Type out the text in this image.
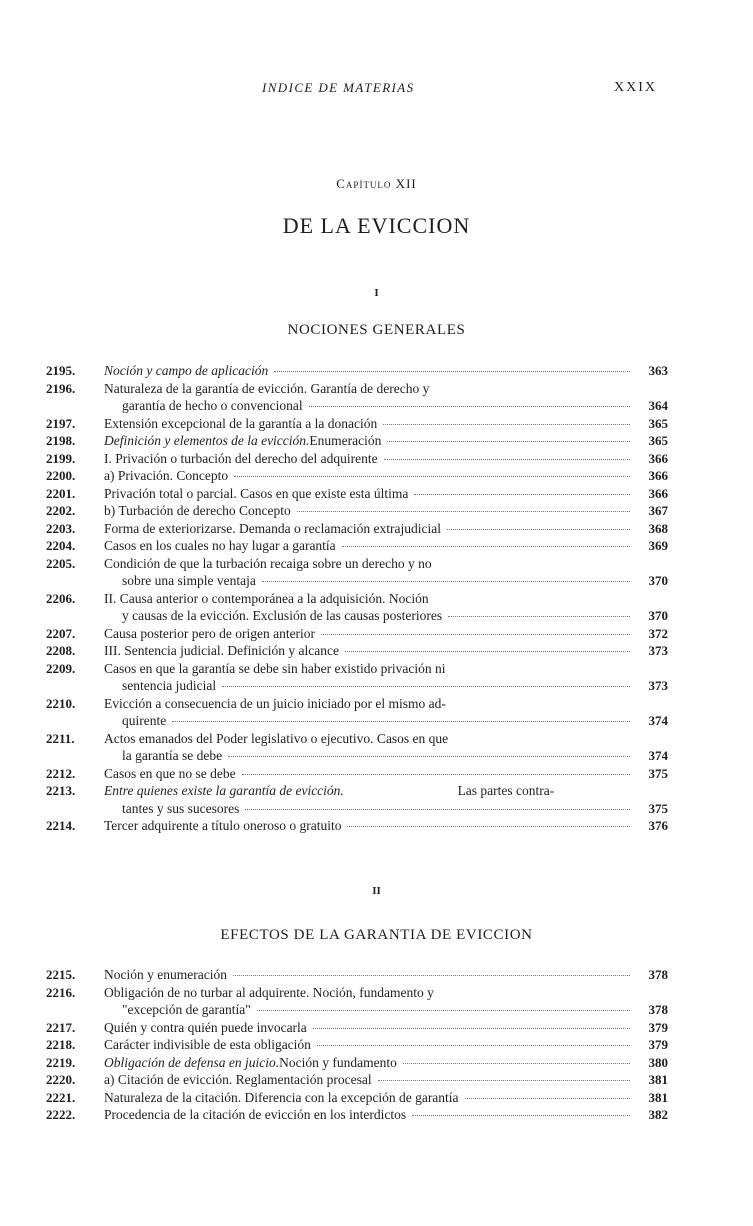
INDICE DE MATERIAS	XXIX
Capítulo XII
DE LA EVICCION
I
NOCIONES GENERALES
2195.	Noción y campo de aplicación	363
2196.	Naturaleza de la garantía de evicción. Garantía de derecho y
garantía de hecho o convencional	364
2197.	Extensión excepcional de la garantía a la donación	365
2198.	Definición y elementos de la evicción. Enumeración	365
2199.	I. Privación o turbación del derecho del adquirente	366
2200.	a) Privación. Concepto	366
2201.	Privación total o parcial. Casos en que existe esta última	366
2202.	b) Turbación de derecho Concepto	367
2203.	Forma de exteriorizarse. Demanda o reclamación extrajudicial	368
2204.	Casos en los cuales no hay lugar a garantía	369
2205.	Condición de que la turbación recaiga sobre un derecho y no
sobre una simple ventaja	370
2206.	II. Causa anterior o contemporánea a la adquisición. Noción
y causas de la evicción. Exclusión de las causas posteriores	370
2207.	Causa posterior pero de origen anterior	372
2208.	III. Sentencia judicial. Definición y alcance	373
2209.	Casos en que la garantía se debe sin haber existido privación ni
sentencia judicial	373
2210.	Evicción a consecuencia de un juicio iniciado por el mismo ad-
quirente	374
2211.	Actos emanados del Poder legislativo o ejecutivo. Casos en que
la garantía se debe	374
2212.	Casos en que no se debe	375
2213.	Entre quienes existe la garantía de evicción.	Las partes contra-
tantes y sus sucesores	375
2214.	Tercer adquirente a título oneroso o gratuito	376
II
EFECTOS DE LA GARANTIA DE EVICCION
2215.	Noción y enumeración	378
2216.	Obligación de no turbar al adquirente. Noción, fundamento y
"excepción de garantía"	378
2217.	Quién y contra quién puede invocarla	379
2218.	Carácter indivisible de esta obligación	379
2219.	Obligación de defensa en juicio. Noción y fundamento	380
2220.	a) Citación de evicción. Reglamentación procesal	381
2221.	Naturaleza de la citación. Diferencia con la excepción de garantía	381
2222.	Procedencia de la citación de evicción en los interdictos	382
